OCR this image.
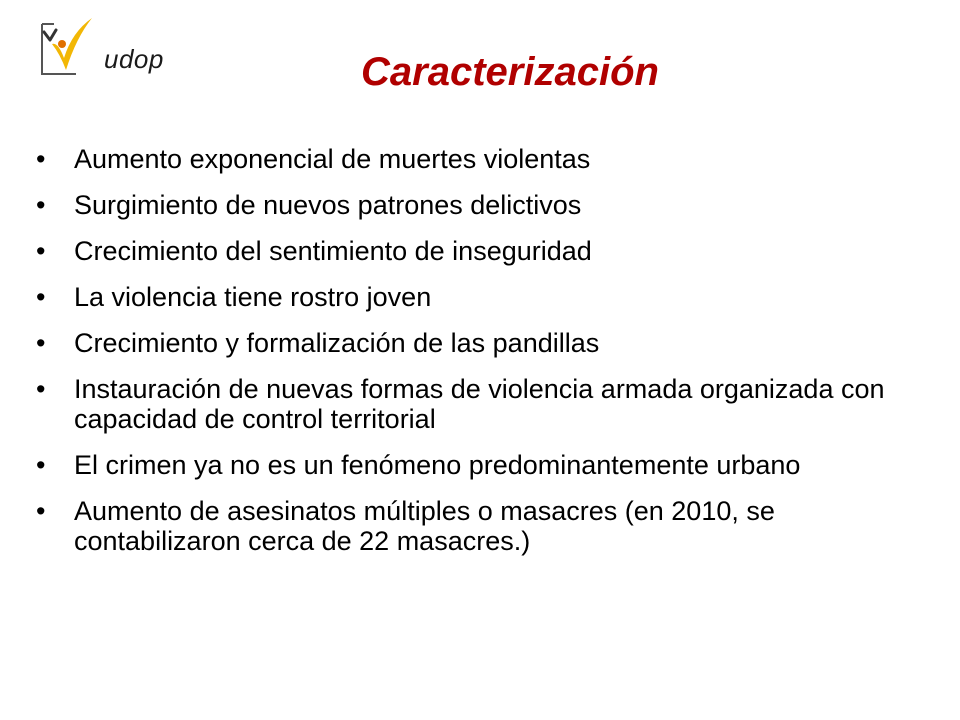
udop	Caracterización
•	Aumento exponencial de muertes violentas
•	Surgimiento de nuevos patrones delictivos
•	Crecimiento del sentimiento de inseguridad
•	La violencia tiene rostro joven
•	Crecimiento y formalización de las pandillas
•	Instauración de nuevas formas de violencia armada organizada con capacidad de control territorial
•	El crimen ya no es un fenómeno predominantemente urbano
•	Aumento de asesinatos múltiples o masacres (en 2010, se contabilizaron cerca de 22 masacres.)
